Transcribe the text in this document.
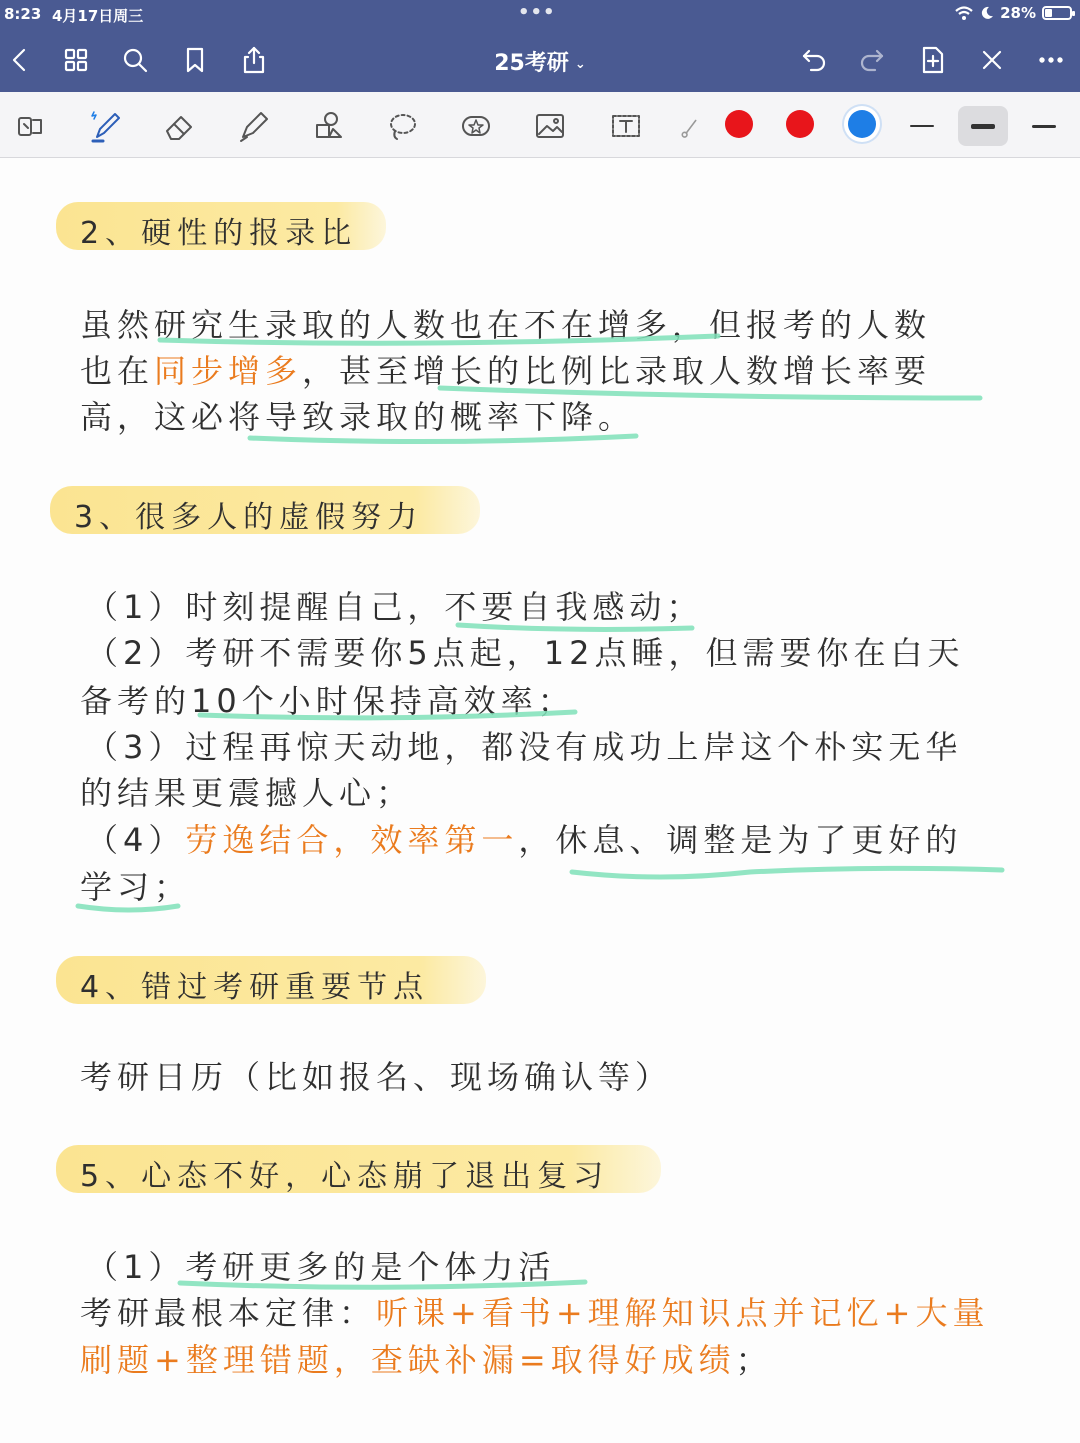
8:23 4月17日周三	•••	28%
25考研 ⌄
2、硬性的报录比
虽然研究生录取的人数也在不在增多，但报考的人数
也在同步增多，甚至增长的比例比录取人数增长率要
高，这必将导致录取的概率下降。
3、很多人的虚假努力
（1）时刻提醒自己，不要自我感动；
（2）考研不需要你5点起，12点睡，但需要你在白天
备考的10个小时保持高效率；
（3）过程再惊天动地，都没有成功上岸这个朴实无华
的结果更震撼人心；
（4）劳逸结合，效率第一，休息、调整是为了更好的
学习；
4、错过考研重要节点
考研日历（比如报名、现场确认等）
5、心态不好，心态崩了退出复习
（1）考研更多的是个体力活
考研最根本定律：听课+看书+理解知识点并记忆+大量
刷题+整理错题，查缺补漏=取得好成绩；
